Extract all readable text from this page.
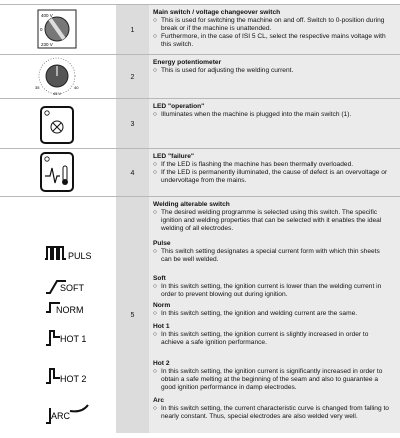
400 V
230 V
0	1

Main switch / voltage changeover switch

○ This is used for switching the machine on and off. Switch to 0-position during break or if the machine is unattended.

○ Furthermore, in the case of ISI 5 CL, select the respective mains voltage with this switch.

45 V
40
35
2

Energy potentiometer

○ This is used for adjusting the welding current.

3

LED "operation"

○ Illuminates when the machine is plugged into the main switch (1).

4

LED "failure"

○ If the LED is flashing the machine has been thermally overloaded.

○ If the LED is permanently illuminated, the cause of defect is an overvoltage or undervoltage from the mains.

PULS
SOFT
NORM
HOT 1
HOT 2
ARC
5

Welding alterable switch

○ The desired welding programme is selected using this switch. The specific ignition and welding properties that can be selected with it enables the ideal welding of all electrodes.

Pulse

○ This switch setting designates a special current form with which thin sheets can be well welded.

Soft

○ In this switch setting, the ignition current is lower than the welding current in order to prevent blowing out during ignition.

Norm

○ In this switch setting, the ignition and welding current are the same.

Hot 1

○ In this switch setting, the ignition current is slightly increased in order to achieve a safe ignition performance.

Hot 2

○ In this switch setting, the ignition current is significantly increased in order to obtain a safe melting at the beginning of the seam and also to guarantee a good ignition performance in damp electrodes.

Arc

○ In this switch setting, the current characteristic curve is changed from falling to nearly constant. Thus, special electrodes are also welded very well.
